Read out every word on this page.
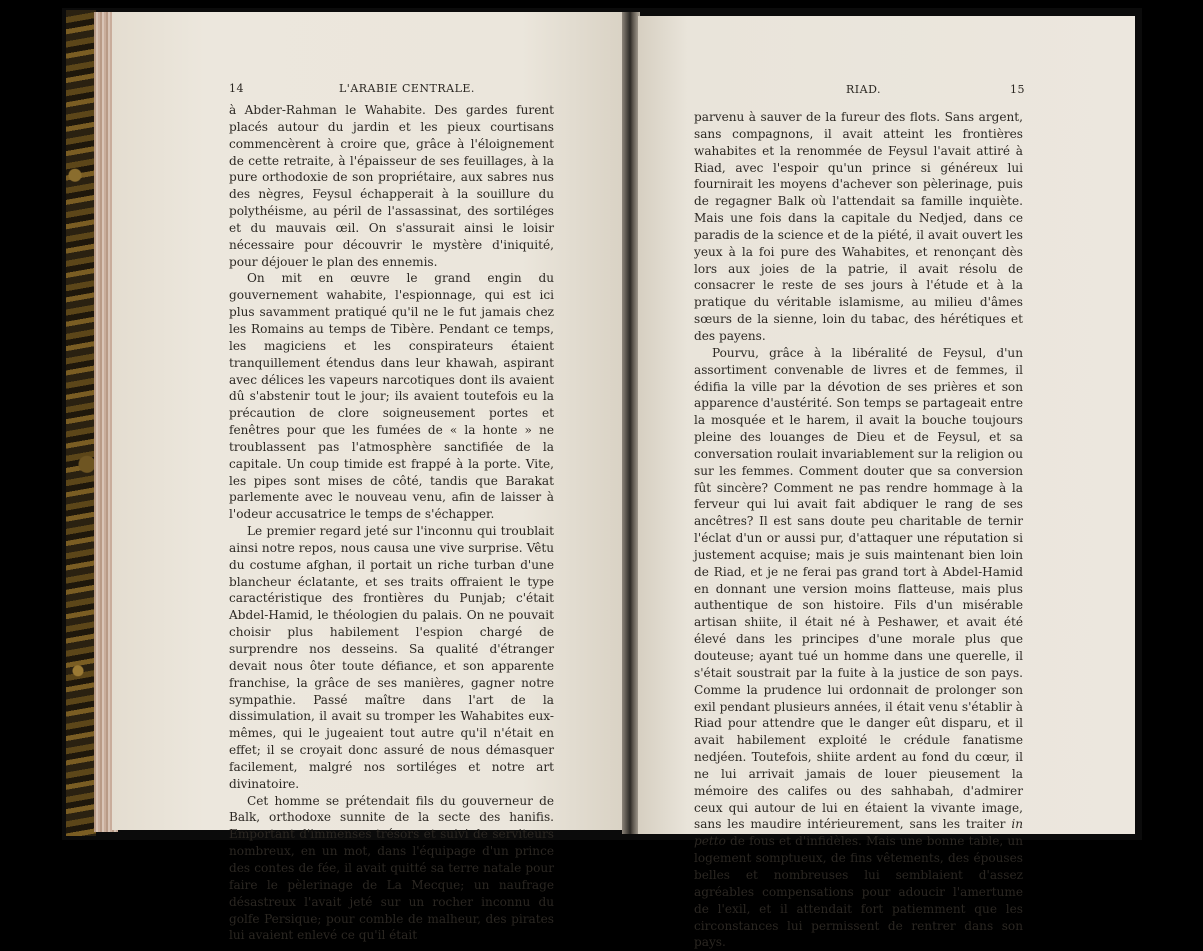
14	L'ARABIE CENTRALE.

à Abder-Rahman le Wahabite. Des gardes furent placés autour du jardin et les pieux courtisans commencèrent à croire que, grâce à l'éloignement de cette retraite, à l'épaisseur de ses feuillages, à la pure orthodoxie de son propriétaire, aux sabres nus des nègres, Feysul échapperait à la souillure du polythéisme, au péril de l'assassinat, des sortiléges et du mauvais œil. On s'assurait ainsi le loisir nécessaire pour découvrir le mystère d'iniquité, pour déjouer le plan des ennemis.

On mit en œuvre le grand engin du gouvernement wahabite, l'espionnage, qui est ici plus savamment pratiqué qu'il ne le fut jamais chez les Romains au temps de Tibère. Pendant ce temps, les magiciens et les conspirateurs étaient tranquillement étendus dans leur khawah, aspirant avec délices les vapeurs narcotiques dont ils avaient dû s'abstenir tout le jour; ils avaient toutefois eu la précaution de clore soigneusement portes et fenêtres pour que les fumées de « la honte » ne troublassent pas l'atmosphère sanctifiée de la capitale. Un coup timide est frappé à la porte. Vite, les pipes sont mises de côté, tandis que Barakat parlemente avec le nouveau venu, afin de laisser à l'odeur accusatrice le temps de s'échapper.

Le premier regard jeté sur l'inconnu qui troublait ainsi notre repos, nous causa une vive surprise. Vêtu du costume afghan, il portait un riche turban d'une blancheur éclatante, et ses traits offraient le type caractéristique des frontières du Punjab; c'était Abdel-Hamid, le théologien du palais. On ne pouvait choisir plus habilement l'espion chargé de surprendre nos desseins. Sa qualité d'étranger devait nous ôter toute défiance, et son apparente franchise, la grâce de ses manières, gagner notre sympathie. Passé maître dans l'art de la dissimulation, il avait su tromper les Wahabites eux-mêmes, qui le jugeaient tout autre qu'il n'était en effet; il se croyait donc assuré de nous démasquer facilement, malgré nos sortiléges et notre art divinatoire.

Cet homme se prétendait fils du gouverneur de Balk, orthodoxe sunnite de la secte des hanifis. Emportant d'immenses trésors et suivi de serviteurs nombreux, en un mot, dans l'équipage d'un prince des contes de fée, il avait quitté sa terre natale pour faire le pèlerinage de La Mecque; un naufrage désastreux l'avait jeté sur un rocher inconnu du golfe Persique; pour comble de malheur, des pirates lui avaient enlevé ce qu'il était

RIAD.	15

parvenu à sauver de la fureur des flots. Sans argent, sans compagnons, il avait atteint les frontières wahabites et la renommée de Feysul l'avait attiré à Riad, avec l'espoir qu'un prince si généreux lui fournirait les moyens d'achever son pèlerinage, puis de regagner Balk où l'attendait sa famille inquiète. Mais une fois dans la capitale du Nedjed, dans ce paradis de la science et de la piété, il avait ouvert les yeux à la foi pure des Wahabites, et renonçant dès lors aux joies de la patrie, il avait résolu de consacrer le reste de ses jours à l'étude et à la pratique du véritable islamisme, au milieu d'âmes sœurs de la sienne, loin du tabac, des hérétiques et des payens.

Pourvu, grâce à la libéralité de Feysul, d'un assortiment convenable de livres et de femmes, il édifia la ville par la dévotion de ses prières et son apparence d'austérité. Son temps se partageait entre la mosquée et le harem, il avait la bouche toujours pleine des louanges de Dieu et de Feysul, et sa conversation roulait invariablement sur la religion ou sur les femmes. Comment douter que sa conversion fût sincère? Comment ne pas rendre hommage à la ferveur qui lui avait fait abdiquer le rang de ses ancêtres? Il est sans doute peu charitable de ternir l'éclat d'un or aussi pur, d'attaquer une réputation si justement acquise; mais je suis maintenant bien loin de Riad, et je ne ferai pas grand tort à Abdel-Hamid en donnant une version moins flatteuse, mais plus authentique de son histoire. Fils d'un misérable artisan shiite, il était né à Peshawer, et avait été élevé dans les principes d'une morale plus que douteuse; ayant tué un homme dans une querelle, il s'était soustrait par la fuite à la justice de son pays. Comme la prudence lui ordonnait de prolonger son exil pendant plusieurs années, il était venu s'établir à Riad pour attendre que le danger eût disparu, et il avait habilement exploité le crédule fanatisme nedjéen. Toutefois, shiite ardent au fond du cœur, il ne lui arrivait jamais de louer pieusement la mémoire des califes ou des sahhabah, d'admirer ceux qui autour de lui en étaient la vivante image, sans les maudire intérieurement, sans les traiter in petto de fous et d'infidèles. Mais une bonne table, un logement somptueux, de fins vêtements, des épouses belles et nombreuses lui semblaient d'assez agréables compensations pour adoucir l'amertume de l'exil, et il attendait fort patiemment que les circonstances lui permissent de rentrer dans son pays.
